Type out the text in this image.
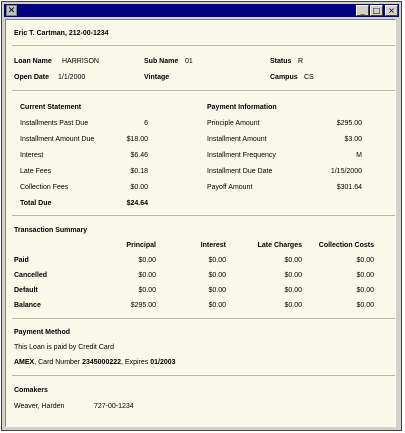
✕	_	□ ×
Eric T. Cartman, 212-00-1234
Loan Name HARRISON	Sub Name 01	Status R
Open Date 1/1/2000	Vintage	Campus CS
Current Statement
Installments Past Due	6
Installment Amount Due	$18.00
Interest	$6.46
Late Fees	$0.18
Collection Fees	$0.00
Total Due	$24.64
Payment Information
Principle Amount	$295.00
Installment Amount	$3.00
Installment Frequency	M
Installment Due Date	1/15/2000
Payoff Amount	$301.64
Transaction Summary
Principal	Interest	Late Charges	Collection Costs
Paid	$0.00	$0.00	$0.00	$0.00
Cancelled	$0.00	$0.00	$0.00	$0.00
Default	$0.00	$0.00	$0.00	$0.00
Balance	$295.00	$0.00	$0.00	$0.00
Payment Method
This Loan is paid by Credit Card
AMEX, Card Number 2345000222, Expires 01/2003
Comakers
Weaver, Harden	727-00-1234
